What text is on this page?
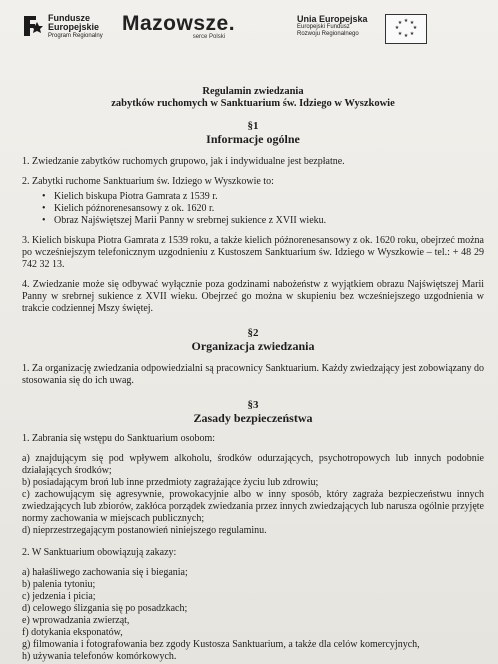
Fundusze
Europejskie
Program Regionalny
Mazowsze.
serce Polski
Unia Europejska
Europejski Fundusz
Rozwoju Regionalnego
★ ★
★
★
★
★
★
★
Regulamin zwiedzania
zabytków ruchomych w Sanktuarium św. Idziego w Wyszkowie
§1
Informacje ogólne

1. Zwiedzanie zabytków ruchomych grupowo, jak i indywidualne jest bezpłatne.

2. Zabytki ruchome Sanktuarium św. Idziego w Wyszkowie to:

• Kielich biskupa Piotra Gamrata z 1539 r.
• Kielich późnorenesansowy z ok. 1620 r.
• Obraz Najświętszej Marii Panny w srebrnej sukience z XVII wieku.

3. Kielich biskupa Piotra Gamrata z 1539 roku, a także kielich późnorenesansowy z ok. 1620 roku, obejrzeć można po wcześniejszym telefonicznym uzgodnieniu z Kustoszem Sanktuarium św. Idziego w Wyszkowie – tel.: + 48 29 742 32 13.

4. Zwiedzanie może się odbywać wyłącznie poza godzinami nabożeństw z wyjątkiem obrazu Najświętszej Marii Panny w srebrnej sukience z XVII wieku. Obejrzeć go można w skupieniu bez wcześniejszego uzgodnienia w trakcie codziennej Mszy świętej.

§2
Organizacja zwiedzania

1. Za organizację zwiedzania odpowiedzialni są pracownicy Sanktuarium. Każdy zwiedzający jest zobowiązany do stosowania się do ich uwag.

§3
Zasady bezpieczeństwa

1. Zabrania się wstępu do Sanktuarium osobom:

a) znajdującym się pod wpływem alkoholu, środków odurzających, psychotropowych lub innych podobnie działających środków;

b) posiadającym broń lub inne przedmioty zagrażające życiu lub zdrowiu;

c) zachowującym się agresywnie, prowokacyjnie albo w inny sposób, który zagraża bezpieczeństwu innych zwiedzających lub zbiorów, zakłóca porządek zwiedzania przez innych zwiedzających lub narusza ogólnie przyjęte normy zachowania w miejscach publicznych;

d) nieprzestrzegającym postanowień niniejszego regulaminu.

2. W Sanktuarium obowiązują zakazy:

a) hałaśliwego zachowania się i biegania;

b) palenia tytoniu;

c) jedzenia i picia;

d) celowego ślizgania się po posadzkach;

e) wprowadzania zwierząt,

f) dotykania eksponatów,

g) filmowania i fotografowania bez zgody Kustosza Sanktuarium, a także dla celów komercyjnych,

h) używania telefonów komórkowych.
